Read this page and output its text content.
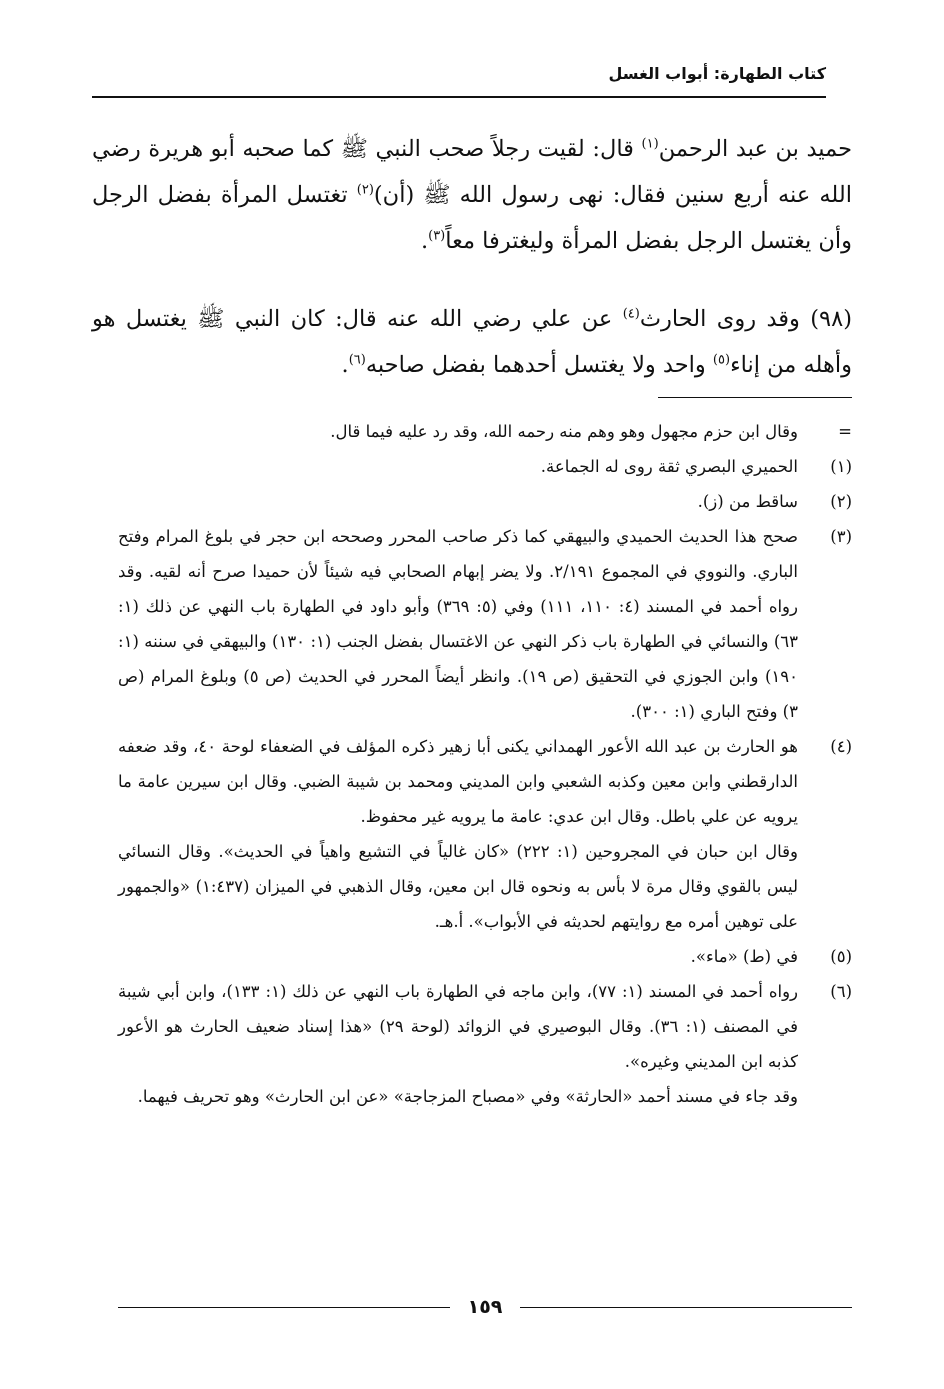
كتاب الطهارة: أبواب الغسل

حميد بن عبد الرحمن$^{(١)}$ قال: لقيت رجلاً صحب النبي ﷺ كما صحبه أبو هريرة رضي الله عنه أربع سنين فقال: نهى رسول الله ﷺ (أن)$^{(٢)}$ تغتسل المرأة بفضل الرجل وأن يغتسل الرجل بفضل المرأة وليغترفا معاً$^{(٣)}$.

(٩٨) وقد روى الحارث$^{(٤)}$ عن علي رضي الله عنه قال: كان النبي ﷺ يغتسل هو وأهله من إناء$^{(٥)}$ واحد ولا يغتسل أحدهما بفضل صاحبه$^{(٦)}$.

=
وقال ابن حزم مجهول وهو وهم منه رحمه الله، وقد رد عليه فيما قال.
(١)
الحميري البصري ثقة روى له الجماعة.
(٢)
ساقط من (ز).
(٣)
صحح هذا الحديث الحميدي والبيهقي كما ذكر صاحب المحرر وصححه ابن حجر في بلوغ المرام وفتح الباري. والنووي في المجموع ٢/١٩١. ولا يضر إبهام الصحابي فيه شيئاً لأن حميدا صرح أنه لقيه. وقد رواه أحمد في المسند (٤: ١١٠، ١١١) وفي (٥: ٣٦٩) وأبو داود في الطهارة باب النهي عن ذلك (١: ٦٣) والنسائي في الطهارة باب ذكر النهي عن الاغتسال بفضل الجنب (١: ١٣٠) والبيهقي في سننه (١: ١٩٠) وابن الجوزي في التحقيق (ص ١٩). وانظر أيضاً المحرر في الحديث (ص ٥) وبلوغ المرام (ص ٣) وفتح الباري (١: ٣٠٠).
(٤)
هو الحارث بن عبد الله الأعور الهمداني يكنى أبا زهير ذكره المؤلف في الضعفاء لوحة ٤٠، وقد ضعفه الدارقطني وابن معين وكذبه الشعبي وابن المديني ومحمد بن شيبة الضبي. وقال ابن سيرين عامة ما يرويه عن علي باطل. وقال ابن عدي: عامة ما يرويه غير محفوظ.

وقال ابن حبان في المجروحين (١: ٢٢٢) «كان غالياً في التشيع واهياً في الحديث». وقال النسائي ليس بالقوي وقال مرة لا بأس به ونحوه قال ابن معين، وقال الذهبي في الميزان (١:٤٣٧) «والجمهور على توهين أمره مع روايتهم لحديثه في الأبواب». أ.هـ.

(٥)
في (ط) «ماء».
(٦)
رواه أحمد في المسند (١: ٧٧)، وابن ماجه في الطهارة باب النهي عن ذلك (١: ١٣٣)، وابن أبي شيبة في المصنف (١: ٣٦). وقال البوصيري في الزوائد (لوحة ٢٩) «هذا إسناد ضعيف الحارث هو الأعور كذبه ابن المديني وغيره».

وقد جاء في مسند أحمد «الحارثة» وفي «مصباح المزجاجة» «عن ابن الحارث» وهو تحريف فيهما.

١٥٩
